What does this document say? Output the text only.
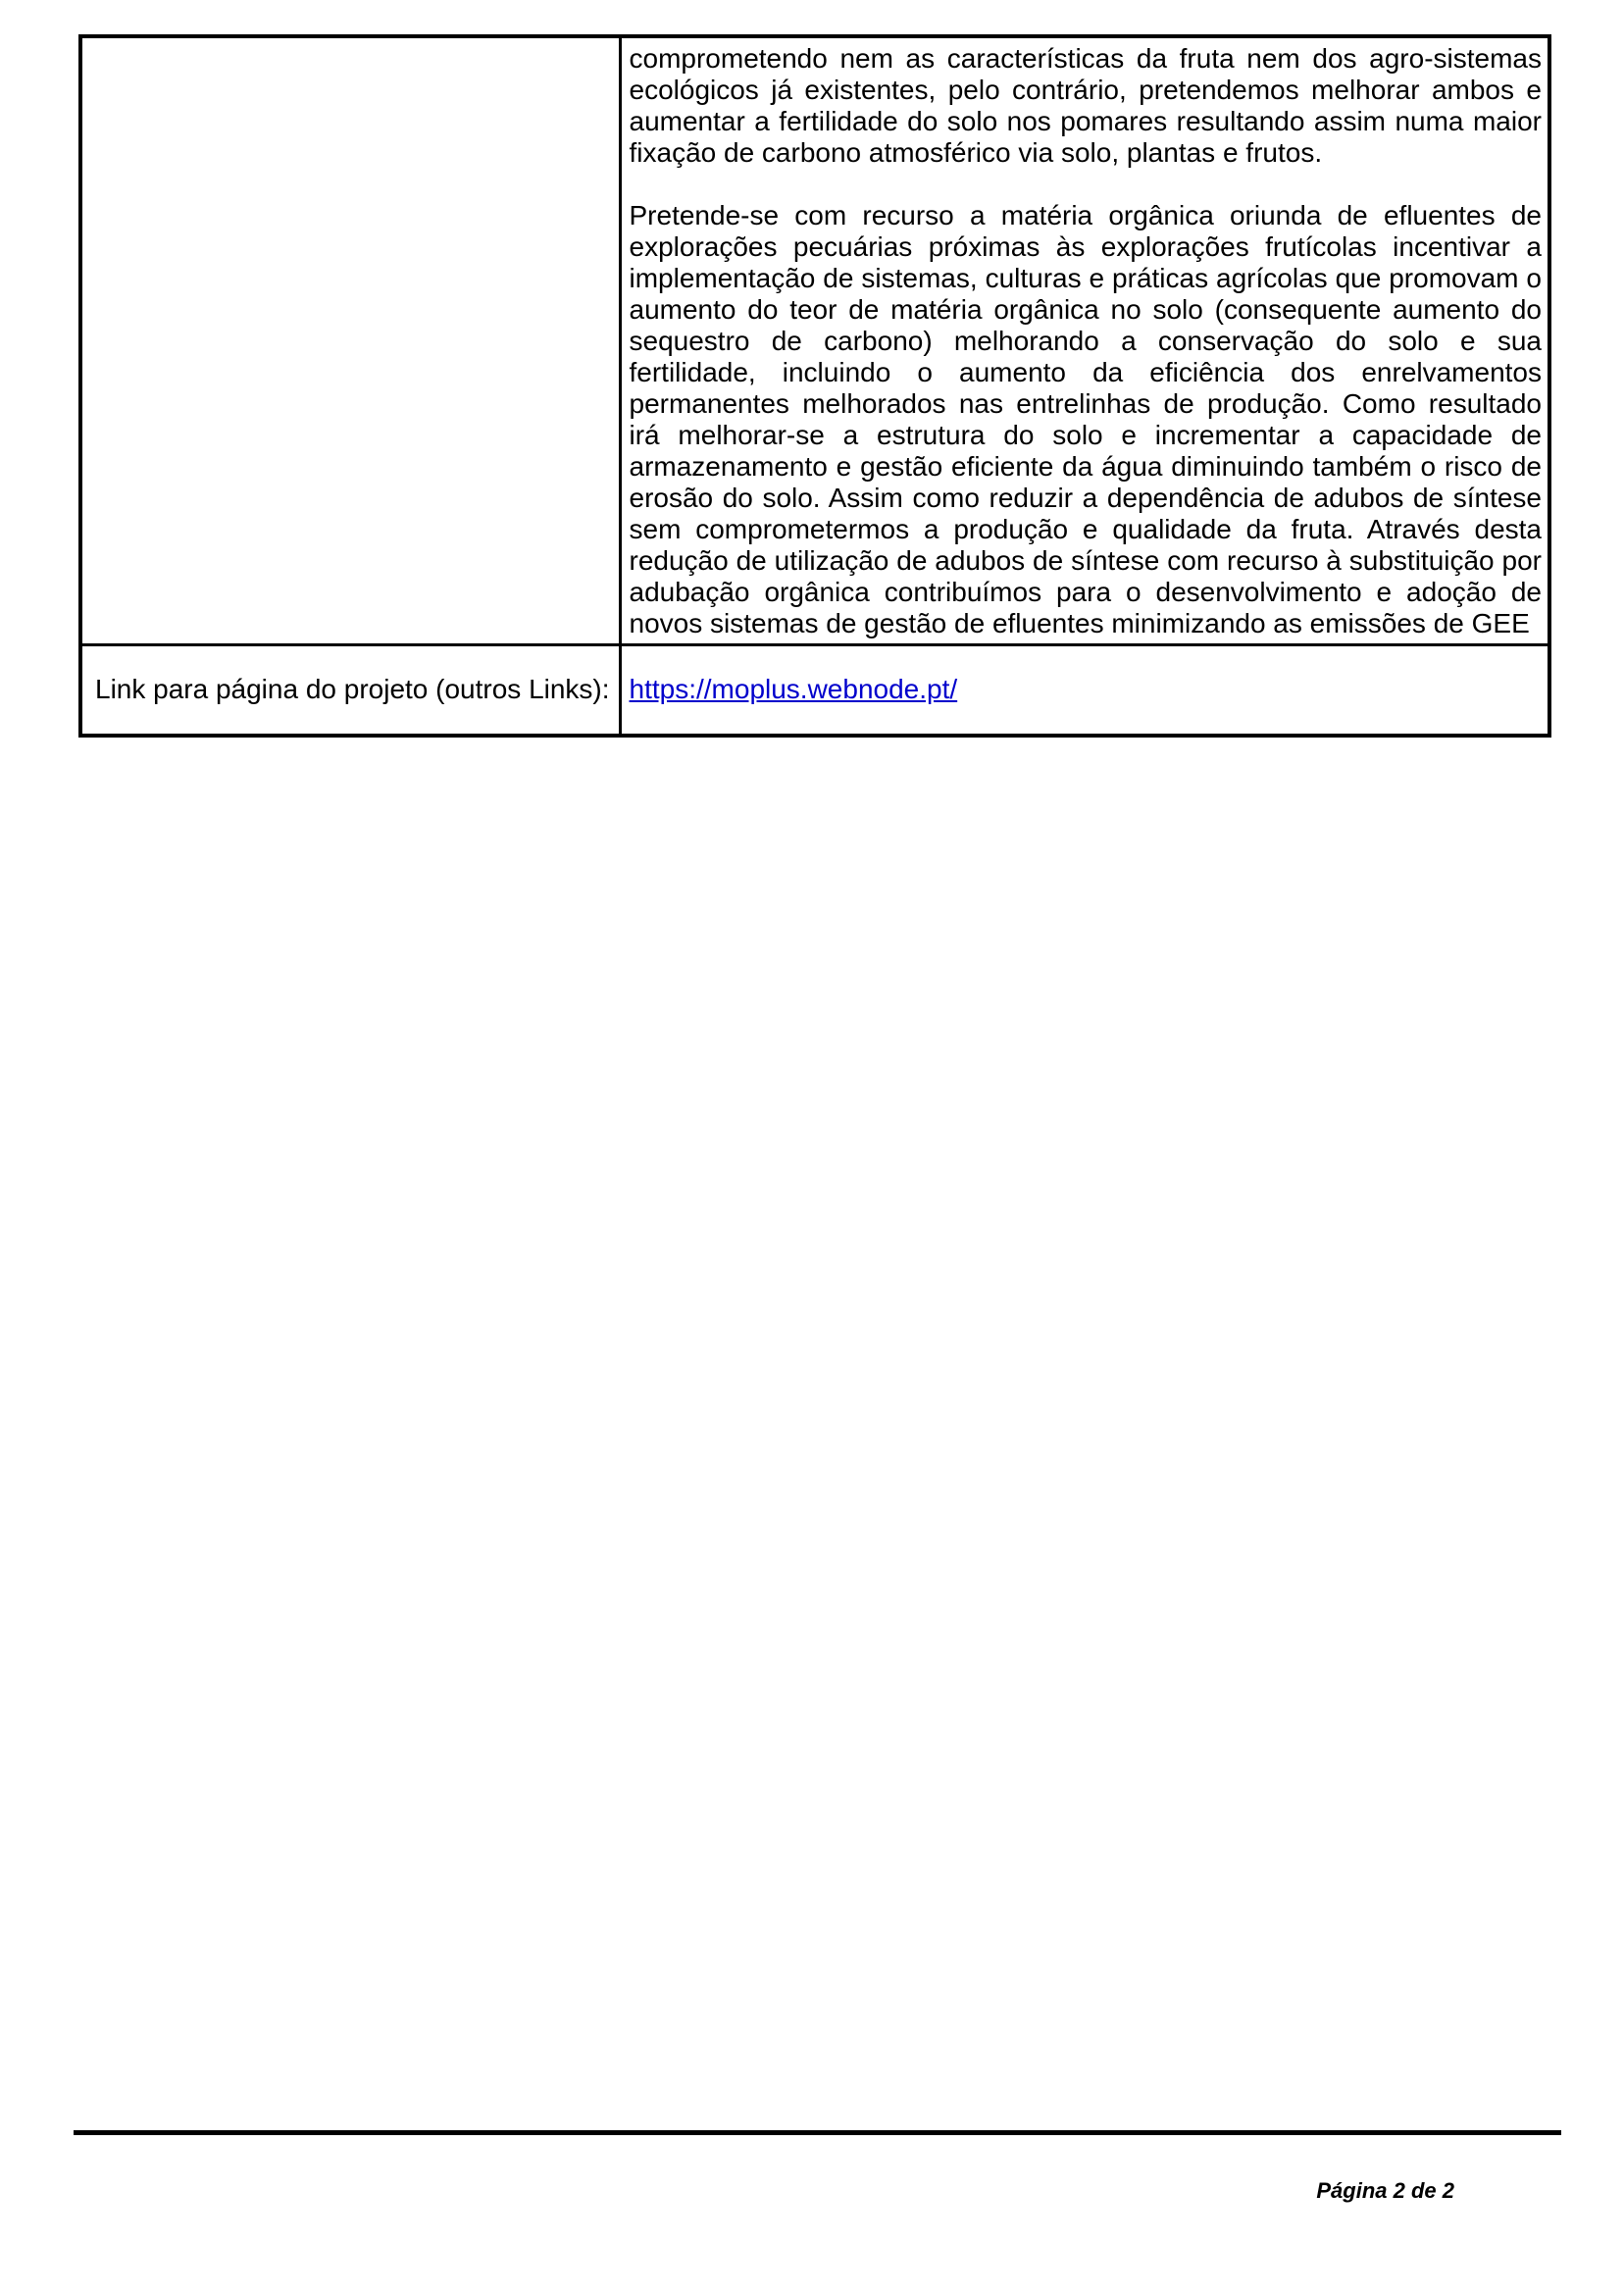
	comprometendo nem as características da fruta nem dos agro-sistemas ecológicos já existentes, pelo contrário, pretendemos melhorar ambos e aumentar a fertilidade do solo nos pomares resultando assim numa maior fixação de carbono atmosférico via solo, plantas e frutos.

Pretende-se com recurso a matéria orgânica oriunda de efluentes de explorações pecuárias próximas às explorações frutícolas incentivar a implementação de sistemas, culturas e práticas agrícolas que promovam o aumento do teor de matéria orgânica no solo (consequente aumento do sequestro de carbono) melhorando a conservação do solo e sua fertilidade, incluindo o aumento da eficiência dos enrelvamentos permanentes melhorados nas entrelinhas de produção. Como resultado irá melhorar-se a estrutura do solo e incrementar a capacidade de armazenamento e gestão eficiente da água diminuindo também o risco de erosão do solo. Assim como reduzir a dependência de adubos de síntese sem comprometermos a produção e qualidade da fruta. Através desta redução de utilização de adubos de síntese com recurso à substituição por adubação orgânica contribuímos para o desenvolvimento e adoção de novos sistemas de gestão de efluentes minimizando as emissões de GEE

Link para página do projeto (outros Links):	https://moplus.webnode.pt/
Página 2 de 2
